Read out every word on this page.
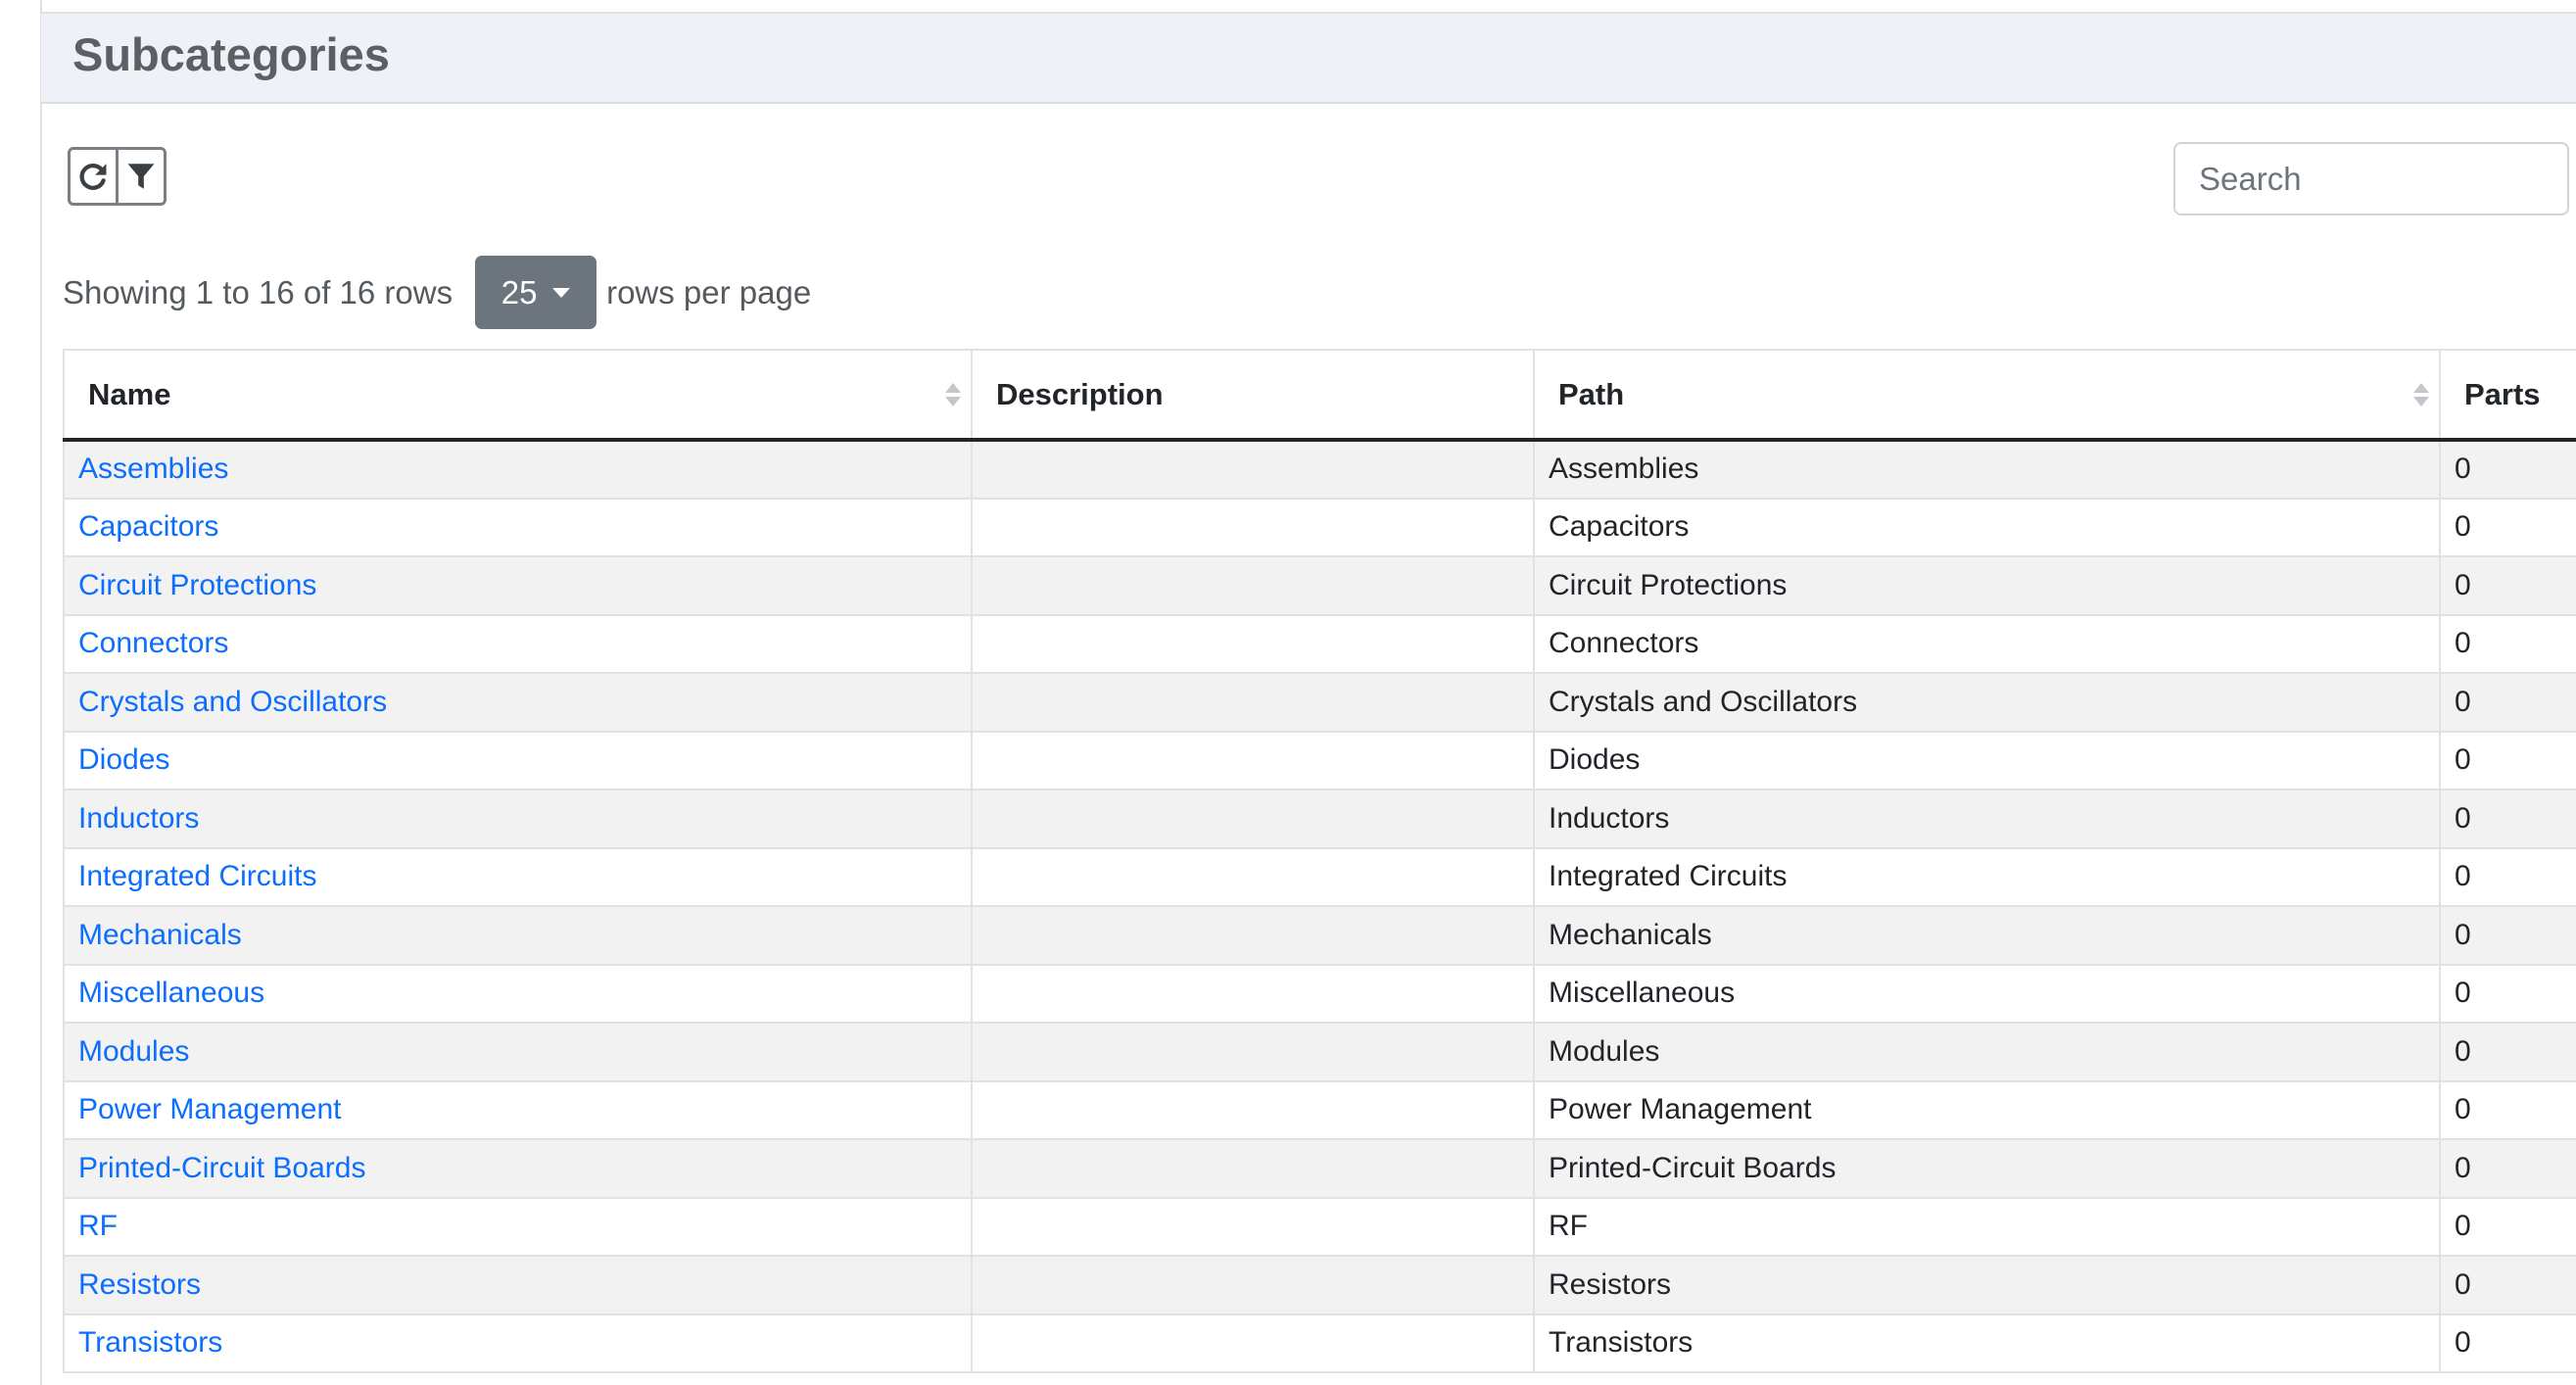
Subcategories
Search
Showing 1 to 16 of 16 rows 25 rows per page
Name	Description	Path	Parts
Assemblies		Assemblies	0
Capacitors		Capacitors	0
Circuit Protections		Circuit Protections	0
Connectors		Connectors	0
Crystals and Oscillators		Crystals and Oscillators	0
Diodes		Diodes	0
Inductors		Inductors	0
Integrated Circuits		Integrated Circuits	0
Mechanicals		Mechanicals	0
Miscellaneous		Miscellaneous	0
Modules		Modules	0
Power Management		Power Management	0
Printed-Circuit Boards		Printed-Circuit Boards	0
RF		RF	0
Resistors		Resistors	0
Transistors		Transistors	0
